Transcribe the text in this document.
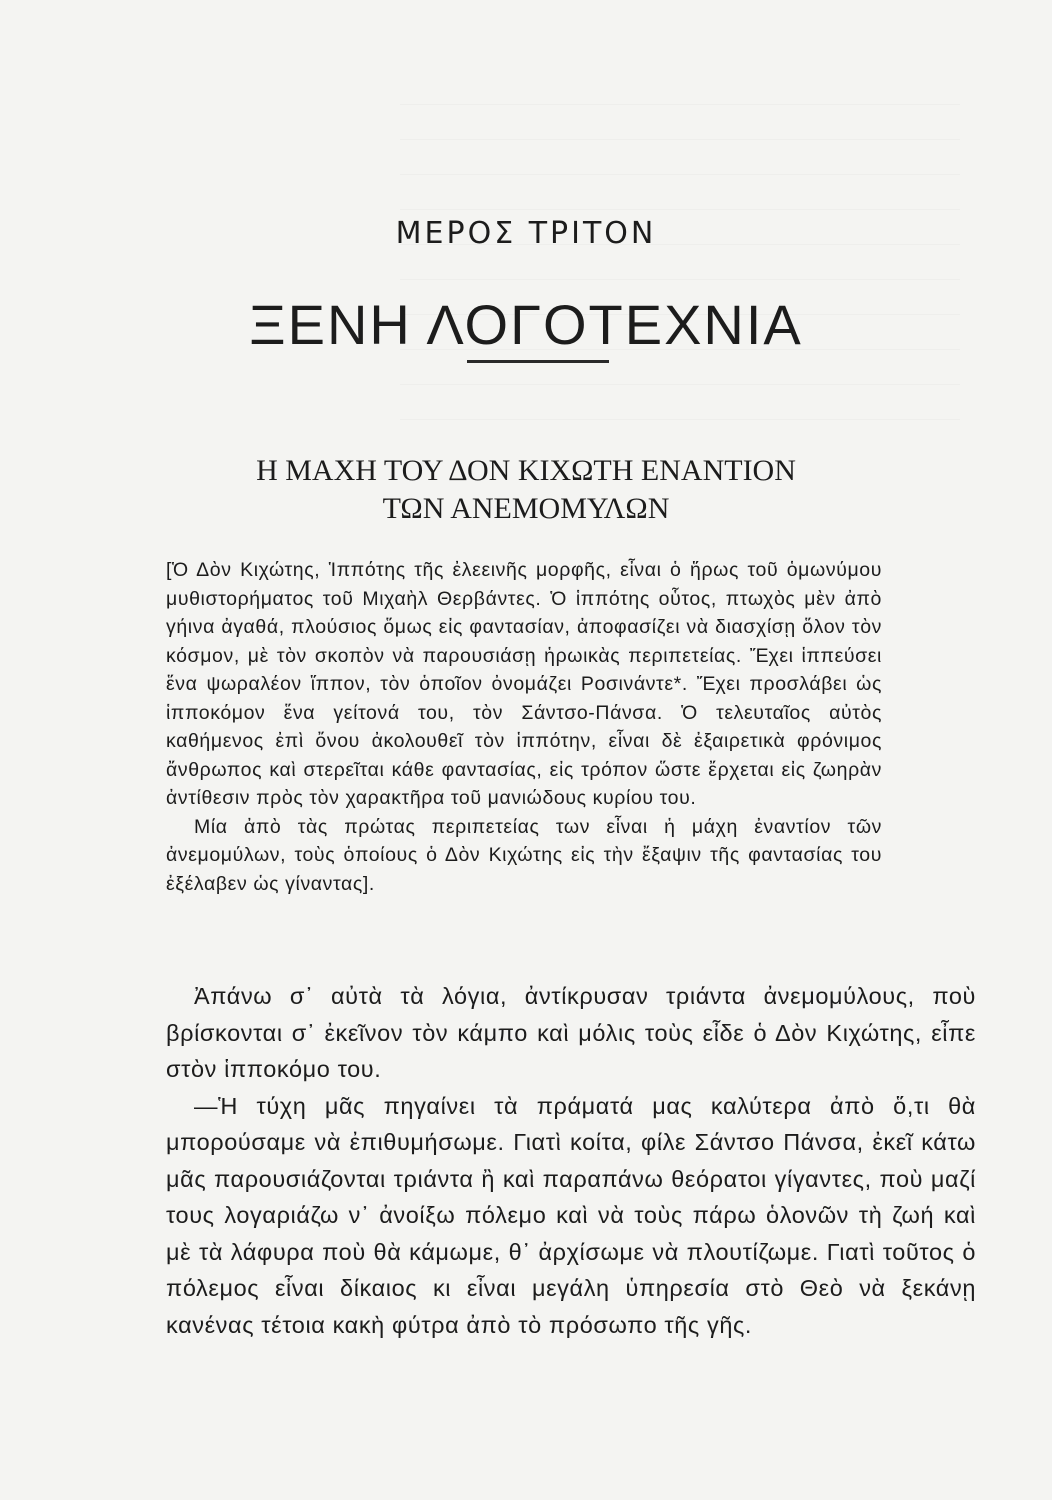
ΜΕΡΟΣ ΤΡΙΤΟΝ
ΞΕΝΗ ΛΟΓΟΤΕΧΝΙΑ
Η ΜΑΧΗ ΤΟΥ ΔΟΝ ΚΙΧΩΤΗ ΕΝΑΝΤΙΟΝ
ΤΩΝ ΑΝΕΜΟΜΥΛΩΝ

[Ὁ Δὸν Κιχώτης, Ἱππότης τῆς ἐλεεινῆς μορφῆς, εἶναι ὁ ἥρως τοῦ ὁμωνύμου μυθιστορήματος τοῦ Μιχαὴλ Θερβάντες. Ὁ ἱππότης οὗτος, πτωχὸς μὲν ἀπὸ γήινα ἀγαθά, πλούσιος ὅμως εἰς φαντασίαν, ἀποφασίζει νὰ διασχίσῃ ὅλον τὸν κόσμον, μὲ τὸν σκοπὸν νὰ παρουσιάσῃ ἡρωικὰς περιπετείας. Ἔχει ἱππεύσει ἕνα ψωραλέον ἵππον, τὸν ὁποῖον ὀνομάζει Ροσινάντε*. Ἔχει προσλάβει ὡς ἱπποκόμον ἕνα γείτονά του, τὸν Σάντσο-Πάνσα. Ὁ τελευταῖος αὐτὸς καθήμενος ἐπὶ ὄνου ἀκολουθεῖ τὸν ἱππότην, εἶναι δὲ ἐξαιρετικὰ φρόνιμος ἄνθρωπος καὶ στερεῖται κάθε φαντασίας, εἰς τρόπον ὥστε ἔρχεται εἰς ζωηρὰν ἀντίθεσιν πρὸς τὸν χαρακτῆρα τοῦ μανιώδους κυρίου του.

Μία ἀπὸ τὰς πρώτας περιπετείας των εἶναι ἡ μάχη ἐναντίον τῶν ἀνεμομύλων, τοὺς ὁποίους ὁ Δὸν Κιχώτης εἰς τὴν ἔξαψιν τῆς φαντασίας του ἐξέλαβεν ὡς γίναντας].

Ἀπάνω σ᾿ αὐτὰ τὰ λόγια, ἀντίκρυσαν τριάντα ἀνεμομύλους, ποὺ βρίσκονται σ᾿ ἐκεῖνον τὸν κάμπο καὶ μόλις τοὺς εἶδε ὁ Δὸν Κιχώτης, εἶπε στὸν ἱπποκόμο του.

—Ἡ τύχη μᾶς πηγαίνει τὰ πράματά μας καλύτερα ἀπὸ ὅ,τι θὰ μπορούσαμε νὰ ἐπιθυμήσωμε. Γιατὶ κοίτα, φίλε Σάντσο Πάνσα, ἐκεῖ κάτω μᾶς παρουσιάζονται τριάντα ἢ καὶ παραπάνω θεόρατοι γίγαντες, ποὺ μαζί τους λογαριάζω ν᾿ ἀνοίξω πόλεμο καὶ νὰ τοὺς πάρω ὁλονῶν τὴ ζωή καὶ μὲ τὰ λάφυρα ποὺ θὰ κάμωμε, θ᾿ ἀρχίσωμε νὰ πλουτίζωμε. Γιατὶ τοῦτος ὁ πόλεμος εἶναι δίκαιος κι εἶναι μεγάλη ὑπηρεσία στὸ Θεὸ νὰ ξεκάνῃ κανένας τέτοια κακὴ φύτρα ἀπὸ τὸ πρόσωπο τῆς γῆς.
